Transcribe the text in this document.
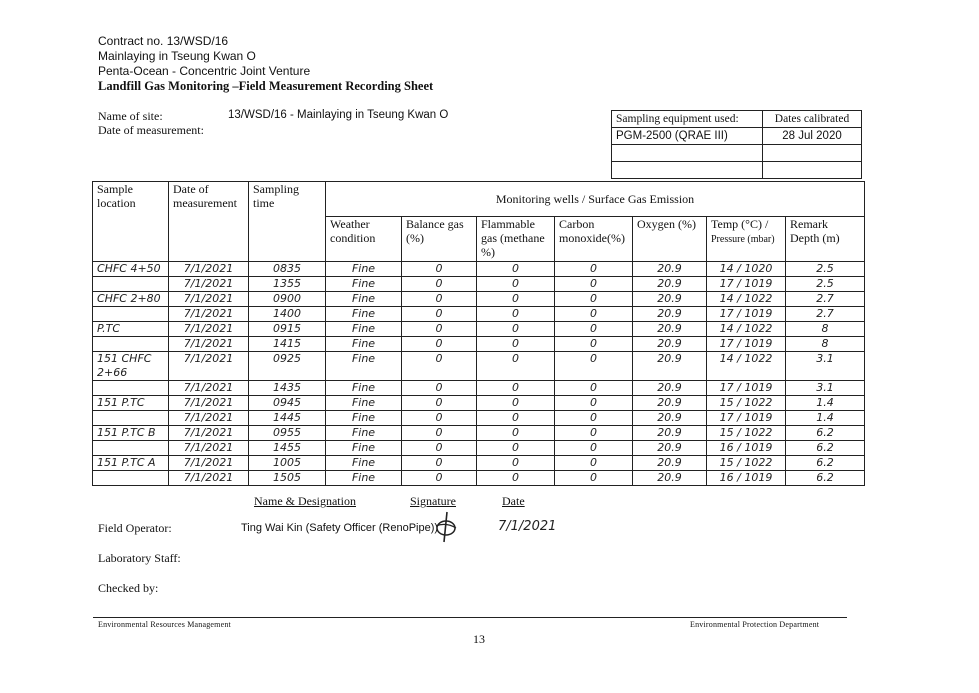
Contract no. 13/WSD/16
Mainlaying in Tseung Kwan O
Penta-Ocean - Concentric Joint Venture
Landfill Gas Monitoring –Field Measurement Recording Sheet
Name of site:	13/WSD/16 - Mainlaying in Tseung Kwan O
Date of measurement:
Sampling equipment used:	Dates calibrated
PGM-2500 (QRAE III)	28 Jul 2020

Sample location	Date of measurement	Sampling time	Monitoring wells / Surface Gas Emission						
			Weather condition	Balance gas (%)	Flammable gas (methane %)	Carbon monoxide(%)	Oxygen (%)	Temp (°C) /
Pressure (mbar)	Remark Depth (m)
CHFC 4+50	7/1/2021	0835	Fine	0	0	0	20.9	14 / 1020	2.5
	7/1/2021	1355	Fine	0	0	0	20.9	17 / 1019	2.5
CHFC 2+80	7/1/2021	0900	Fine	0	0	0	20.9	14 / 1022	2.7
	7/1/2021	1400	Fine	0	0	0	20.9	17 / 1019	2.7
P.TC	7/1/2021	0915	Fine	0	0	0	20.9	14 / 1022	8
	7/1/2021	1415	Fine	0	0	0	20.9	17 / 1019	8
151 CHFC 2+66	7/1/2021	0925	Fine	0	0	0	20.9	14 / 1022	3.1
	7/1/2021	1435	Fine	0	0	0	20.9	17 / 1019	3.1
151 P.TC	7/1/2021	0945	Fine	0	0	0	20.9	15 / 1022	1.4
	7/1/2021	1445	Fine	0	0	0	20.9	17 / 1019	1.4
151 P.TC B	7/1/2021	0955	Fine	0	0	0	20.9	15 / 1022	6.2
	7/1/2021	1455	Fine	0	0	0	20.9	16 / 1019	6.2
151 P.TC A	7/1/2021	1005	Fine	0	0	0	20.9	15 / 1022	6.2
	7/1/2021	1505	Fine	0	0	0	20.9	16 / 1019	6.2
Name & Designation	Signature	Date
Field Operator:	Ting Wai Kin (Safety Officer (RenoPipe))	7/1/2021
Laboratory Staff:
Checked by:
Environmental Resources Management	Environmental Protection Department
13
